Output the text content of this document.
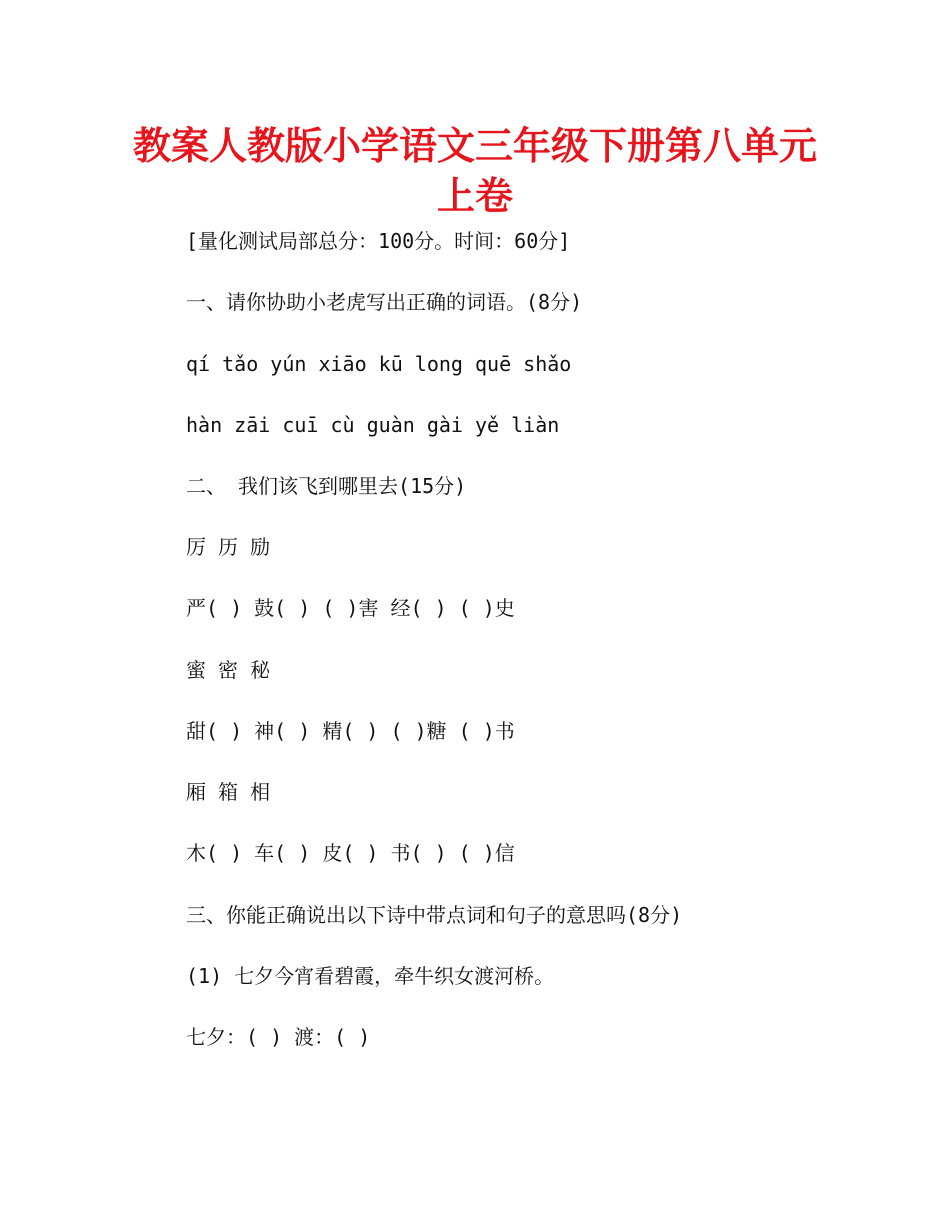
教案人教版小学语文三年级下册第八单元
上卷

[量化测试局部总分：100分。时间：60分]

一、请你协助小老虎写出正确的词语。(8分)

qí tǎo yún xiāo kū long quē shǎo

hàn zāi cuī cù guàn gài yě liàn

二、 我们该飞到哪里去(15分)

厉 历 励

严( ) 鼓( ) ( )害 经( ) ( )史

蜜 密 秘

甜( ) 神( ) 精( ) ( )糖 ( )书

厢 箱 相

木( ) 车( ) 皮( ) 书( ) ( )信

三、你能正确说出以下诗中带点词和句子的意思吗(8分)

(1) 七夕今宵看碧霞，牵牛织女渡河桥。

七夕：( ) 渡：( )
